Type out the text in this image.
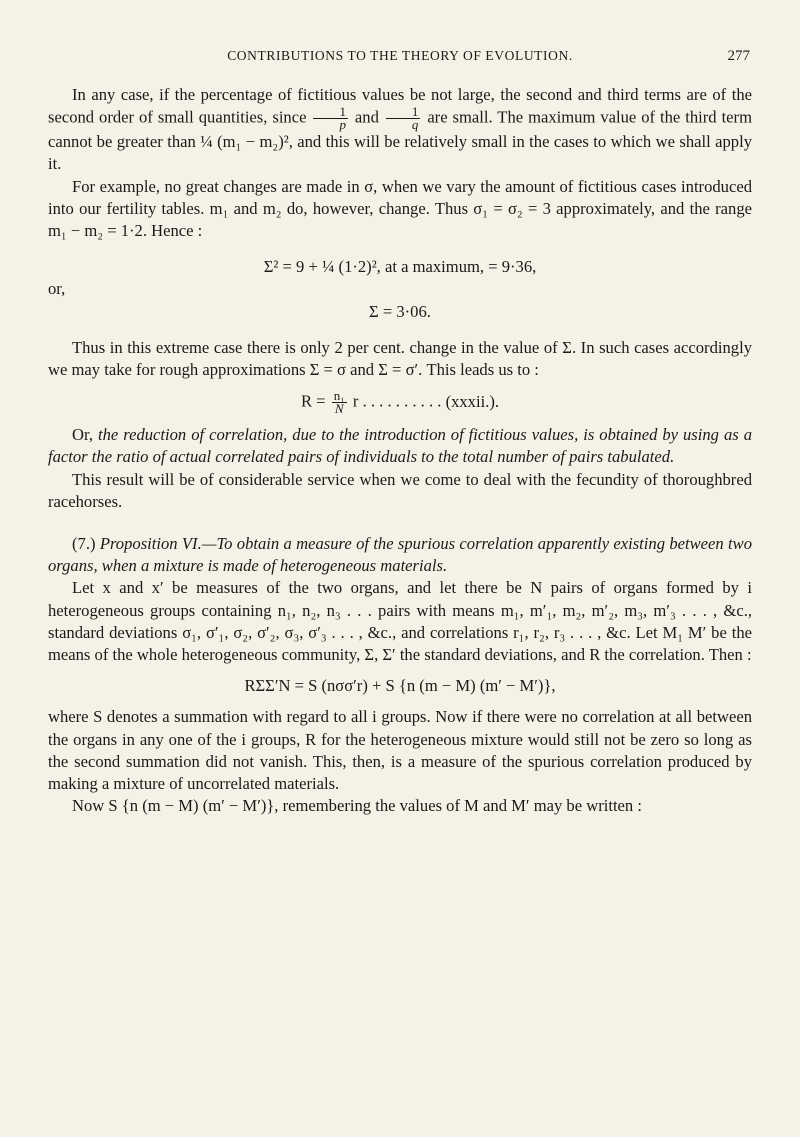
CONTRIBUTIONS TO THE THEORY OF EVOLUTION.	277

In any case, if the percentage of fictitious values be not large, the second and third terms are of the second order of small quantities, since $\frac{1}{p}$ and $\frac{1}{q}$ are small. The maximum value of the third term cannot be greater than ¼ (m₁ − m₂)², and this will be relatively small in the cases to which we shall apply it.

For example, no great changes are made in σ, when we vary the amount of fictitious cases introduced into our fertility tables. m₁ and m₂ do, however, change. Thus σ₁ = σ₂ = 3 approximately, and the range m₁ − m₂ = 1·2. Hence :

Σ² = 9 + ¼ (1·2)², at a maximum, = 9·36,

or,

Σ = 3·06.

Thus in this extreme case there is only 2 per cent. change in the value of Σ. In such cases accordingly we may take for rough approximations Σ = σ and Σ = σ′. This leads us to :

$R = \frac{\text{n₁}}{N}$ r . . . . . . . . . . (xxxii.).

Or, the reduction of correlation, due to the introduction of fictitious values, is obtained by using as a factor the ratio of actual correlated pairs of individuals to the total number of pairs tabulated.

This result will be of considerable service when we come to deal with the fecundity of thoroughbred racehorses.

(7.) Proposition VI.—To obtain a measure of the spurious correlation apparently existing between two organs, when a mixture is made of heterogeneous materials.

Let x and x′ be measures of the two organs, and let there be N pairs of organs formed by i heterogeneous groups containing n₁, n₂, n₃ . . . pairs with means m₁, m′₁, m₂, m′₂, m₃, m′₃ . . . , &c., standard deviations σ₁, σ′₁, σ₂, σ′₂, σ₃, σ′₃ . . . , &c., and correlations r₁, r₂, r₃ . . . , &c. Let M₁ M′ be the means of the whole heterogeneous community, Σ, Σ′ the standard deviations, and R the correlation. Then :

RΣΣ′N = S (nσσ′r) + S {n (m − M) (m′ − M′)},

where S denotes a summation with regard to all i groups. Now if there were no correlation at all between the organs in any one of the i groups, R for the heterogeneous mixture would still not be zero so long as the second summation did not vanish. This, then, is a measure of the spurious correlation produced by making a mixture of uncorrelated materials.

Now S {n (m − M) (m′ − M′)}, remembering the values of M and M′ may be written :
